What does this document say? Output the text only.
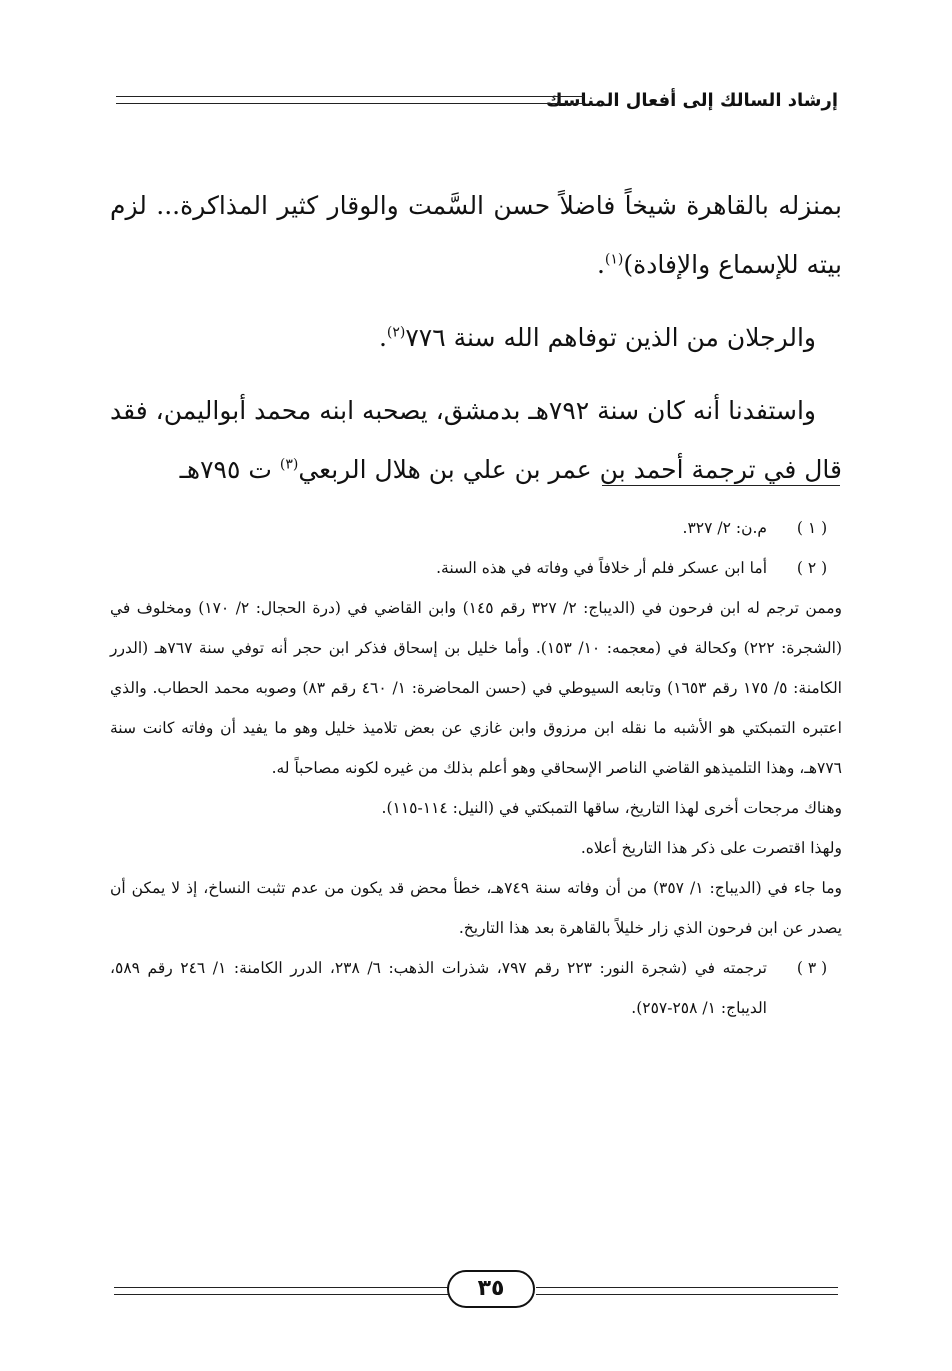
إرشاد السالك إلى أفعال المناسك

بمنزله بالقاهرة شيخاً فاضلاً حسن السَّمت والوقار كثير المذاكرة... لزم بيته للإسماع والإفادة)$^{(١)}$.

والرجلان من الذين توفاهم الله سنة ٧٧٦$^{(٢)}$.

واستفدنا أنه كان سنة ٧٩٢هـ بدمشق، يصحبه ابنه محمد أبواليمن، فقد قال في ترجمة أحمد بن عمر بن علي بن هلال الربعي$^{(٣)}$ ت ٧٩٥هـ

( ١ )
م.ن: ٢/ ٣٢٧.
( ٢ )
أما ابن عسكر فلم أر خلافاً في وفاته في هذه السنة.

وممن ترجم له ابن فرحون في (الديباج: ٢/ ٣٢٧ رقم ١٤٥) وابن القاضي في (درة الحجال: ٢/ ١٧٠) ومخلوف في (الشجرة: ٢٢٢) وكحالة في (معجمه: ١٠/ ١٥٣). وأما خليل بن إسحاق فذكر ابن حجر أنه توفي سنة ٧٦٧هـ (الدرر الكامنة: ٥/ ١٧٥ رقم ١٦٥٣) وتابعه السيوطي في (حسن المحاضرة: ١/ ٤٦٠ رقم ٨٣) وصوبه محمد الحطاب. والذي اعتبره التمبكتي هو الأشبه ما نقله ابن مرزوق وابن غازي عن بعض تلاميذ خليل وهو ما يفيد أن وفاته كانت سنة ٧٧٦هـ، وهذا التلميذهو القاضي الناصر الإسحاقي وهو أعلم بذلك من غيره لكونه مصاحباً له.

وهناك مرجحات أخرى لهذا التاريخ، ساقها التمبكتي في (النيل: ١١٤-١١٥).

ولهذا اقتصرت على ذكر هذا التاريخ أعلاه.

وما جاء في (الديباج: ١/ ٣٥٧) من أن وفاته سنة ٧٤٩هـ، خطأ محض قد يكون من عدم تثبت النساخ، إذ لا يمكن أن يصدر عن ابن فرحون الذي زار خليلاً بالقاهرة بعد هذا التاريخ.

( ٣ )
ترجمته في (شجرة النور: ٢٢٣ رقم ٧٩٧، شذرات الذهب: ٦/ ٢٣٨، الدرر الكامنة: ١/ ٢٤٦ رقم ٥٨٩، الديباج: ١/ ٢٥٨-٢٥٧).
٣٥
